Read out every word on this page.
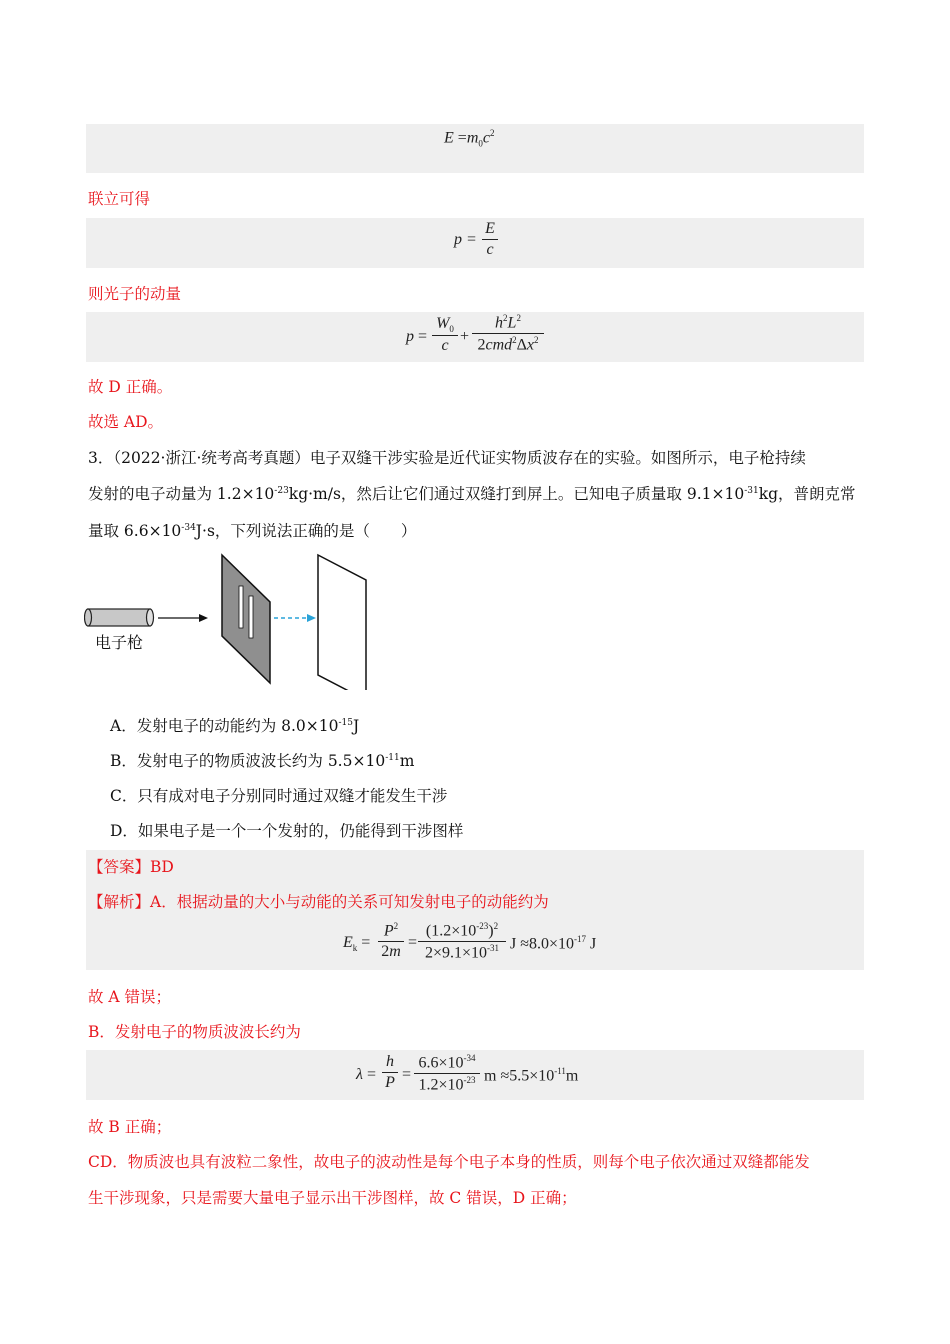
$E =m_0c^2$
联立可得
p =
E
c
则光子的动量
p =
$W_0$
c
+
$h^2L^2$
$2cmd^2\Delta x^2$
故 D 正确。
故选 AD。
3．（2022·浙江·统考高考真题）电子双缝干涉实验是近代证实物质波存在的实验。如图所示，电子枪持续
发射的电子动量为 $1.2\times 10^{-23}kg\cdot m/s$，然后让它们通过双缝打到屏上。已知电子质量取 $9.1\times 10^{-31}kg$，普朗克常
量取 $6.6\times 10^{-34}J\cdot s$，下列说法正确的是（　　）
电子枪
A．发射电子的动能约为 $8.0\times 10^{-15}J$
B．发射电子的物质波波长约为 $5.5\times 10^{-11}m$
C．只有成对电子分别同时通过双缝才能发生干涉
D．如果电子是一个一个发射的，仍能得到干涉图样
【答案】BD
【解析】A．根据动量的大小与动能的关系可知发射电子的动能约为
$E_k$ =
$P^2$
2m
=
$(1.2\times 10^{-23})^2$
$2\times 9.1\times 10^{-31}$ $J \approx 8.0\times 10^{-17}$ J
故 A 错误；
B．发射电子的物质波波长约为
λ =
h
P =
$6.6\times 10^{-34}$
$1.2\times 10^{-23}$ $m \approx 5.5\times 10^{-11}m$
故 B 正确；
CD．物质波也具有波粒二象性，故电子的波动性是每个电子本身的性质，则每个电子依次通过双缝都能发
生干涉现象，只是需要大量电子显示出干涉图样，故 C 错误，D 正确；
